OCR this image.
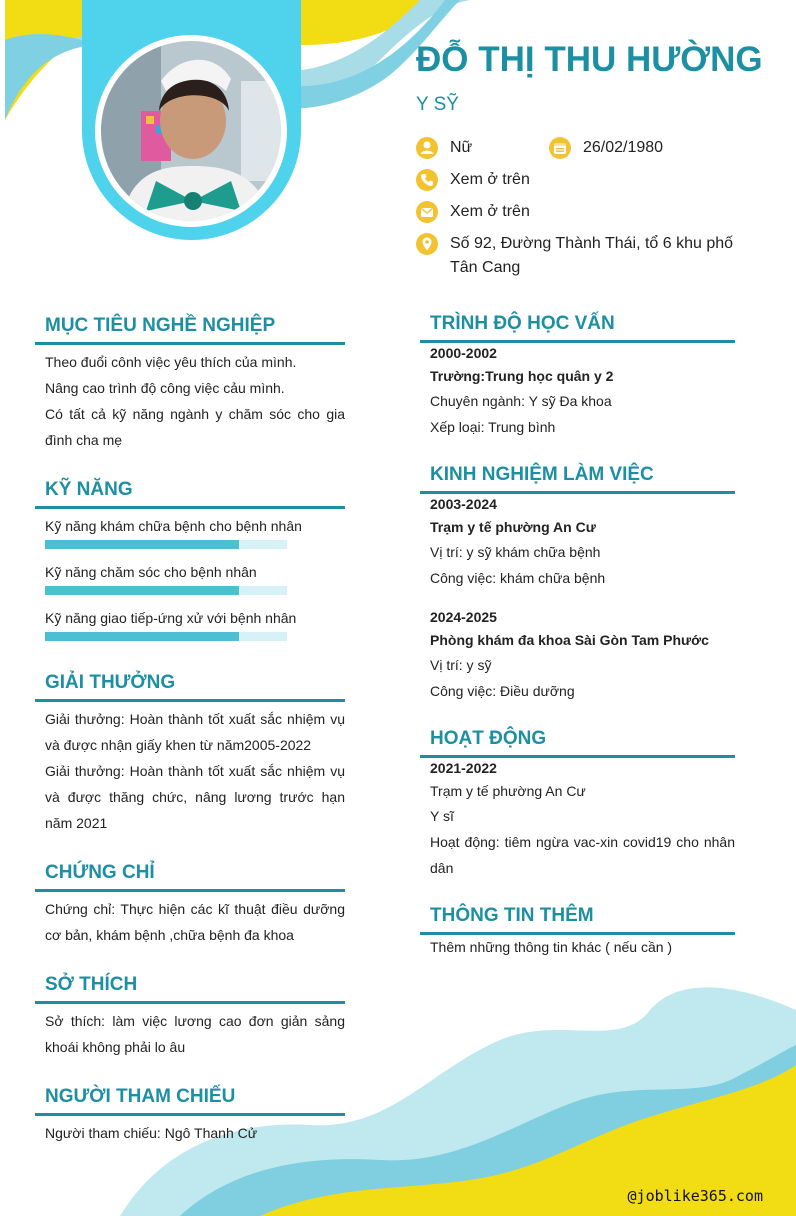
ĐỖ THỊ THU HƯỜNG
Y SỸ
Nữ	26/02/1980
Xem ở trên
Xem ở trên
Số 92, Đường Thành Thái, tổ 6 khu phố Tân Cang
MỤC TIÊU NGHỀ NGHIỆP
Theo đuổi cônh việc yêu thích của mình.
Nâng cao trình độ công việc cảu mình.
Có tất cả kỹ năng ngành y chăm sóc cho gia đình cha mẹ
KỸ NĂNG
Kỹ năng khám chữa bệnh cho bệnh nhân
Kỹ năng chăm sóc cho bệnh nhân
Kỹ năng giao tiếp-ứng xử với bệnh nhân
GIẢI THƯỞNG
Giải thưởng: Hoàn thành tốt xuất sắc nhiệm vụ và được nhận giấy khen từ năm2005-2022
Giải thưởng: Hoàn thành tốt xuất sắc nhiệm vụ và được thăng chức, nâng lương trước hạn năm 2021
CHỨNG CHỈ
Chứng chỉ: Thực hiện các kĩ thuật điều dưỡng cơ bản, khám bệnh ,chữa bệnh đa khoa
SỞ THÍCH
Sở thích: làm việc lương cao đơn giản sảng khoái không phải lo âu
NGƯỜI THAM CHIẾU
Người tham chiếu: Ngô Thanh Cử
TRÌNH ĐỘ HỌC VẤN
2000-2002
Trường:Trung học quân y 2
Chuyên ngành: Y sỹ Đa khoa
Xếp loại: Trung bình
KINH NGHIỆM LÀM VIỆC
2003-2024
Trạm y tế phường An Cư
Vị trí: y sỹ khám chữa bệnh
Công việc: khám chữa bệnh
2024-2025
Phòng khám đa khoa Sài Gòn Tam Phước
Vị trí: y sỹ
Công việc: Điều dưỡng
HOẠT ĐỘNG
2021-2022
Trạm y tế phường An Cư
Y sĩ
Hoạt động: tiêm ngừa vac-xin covid19 cho nhân dân
THÔNG TIN THÊM
Thêm những thông tin khác ( nếu cần )
@joblike365.com
